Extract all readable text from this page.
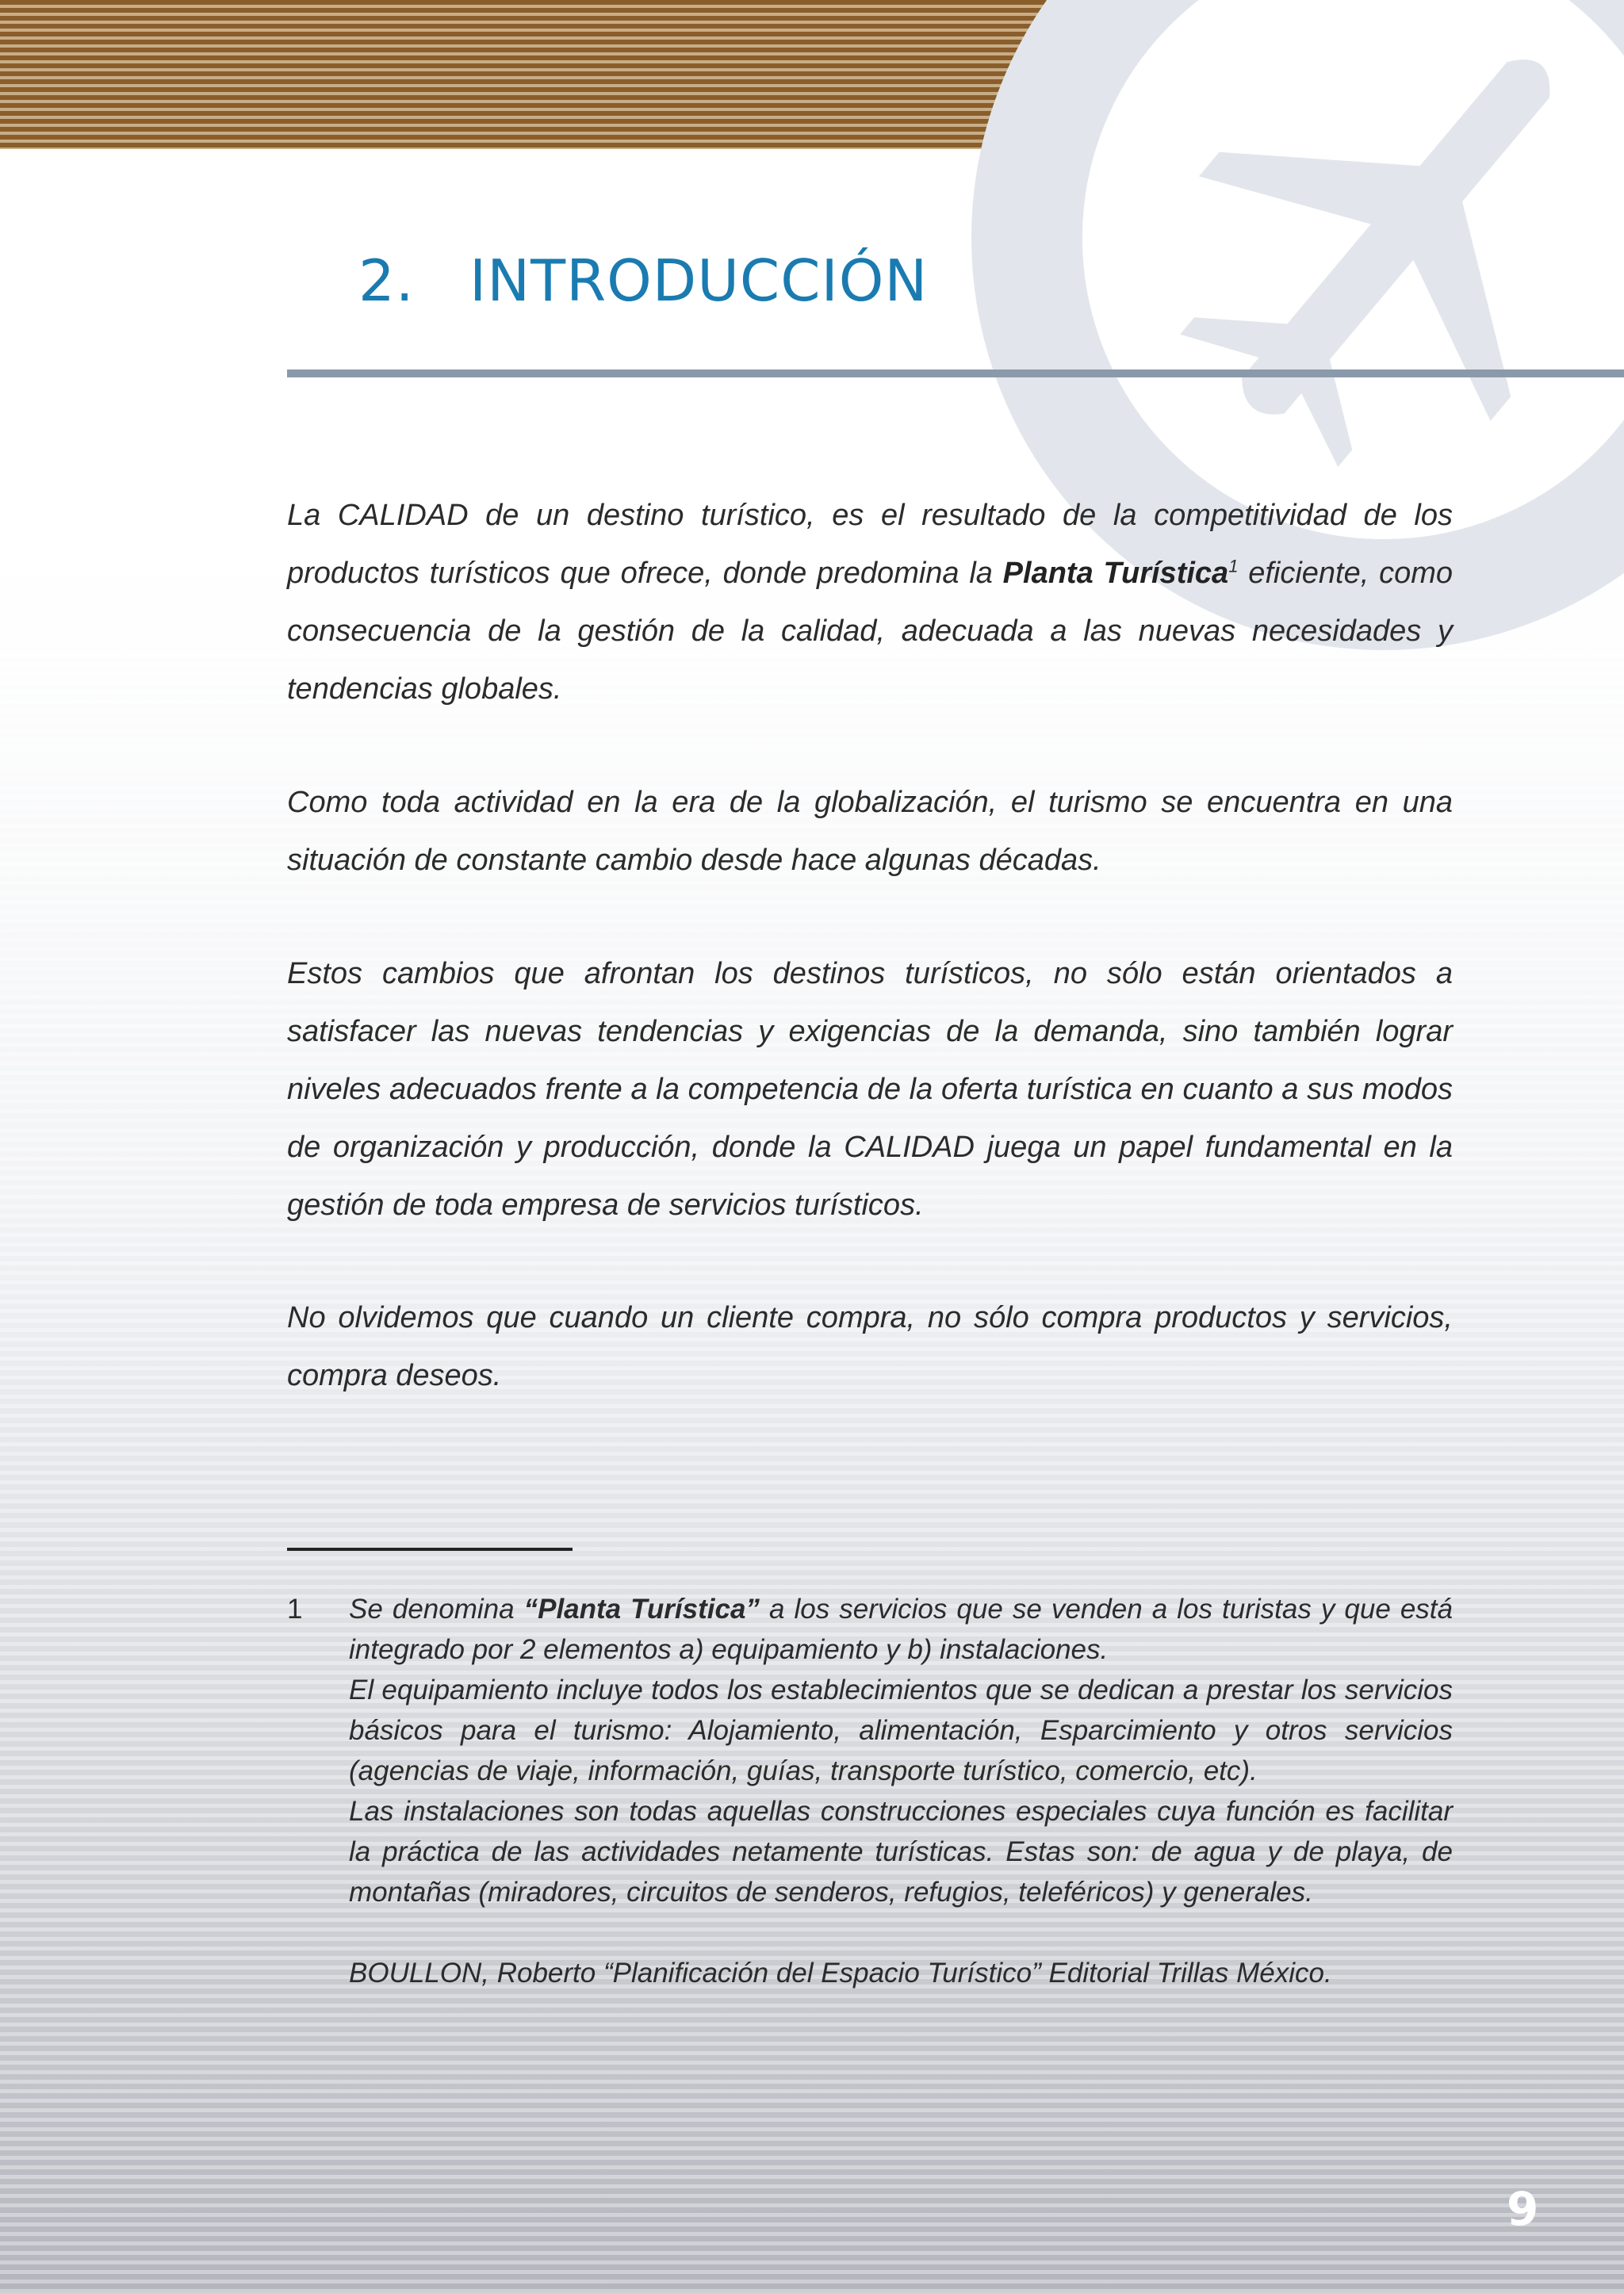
2. INTRODUCCIÓN

La CALIDAD de un destino turístico, es el resultado de la competitividad de los productos turísticos que ofrece, donde predomina la Planta Turística$^1$ eficiente, como consecuencia de la gestión de la calidad, adecuada a las nuevas necesidades y tendencias globales.

Como toda actividad en la era de la globalización, el turismo se encuentra en una situación de constante cambio desde hace algunas décadas.

Estos cambios que afrontan los destinos turísticos, no sólo están orientados a satisfacer las nuevas tendencias y exigencias de la demanda, sino también lograr niveles adecuados frente a la competencia de la oferta turística en cuanto a sus modos de organización y producción, donde la CALIDAD juega un papel fundamental en la gestión de toda empresa de servicios turísticos.

No olvidemos que cuando un cliente compra, no sólo compra productos y servicios, compra deseos.

1 Se denomina “Planta Turística” a los servicios que se venden a los turistas y que está integrado por 2 elementos a) equipamiento y b) instalaciones.

El equipamiento incluye todos los establecimientos que se dedican a prestar los servicios básicos para el turismo: Alojamiento, alimentación, Esparcimiento y otros servicios (agencias de viaje, información, guías, transporte turístico, comercio, etc).

Las instalaciones son todas aquellas construcciones especiales cuya función es facilitar la práctica de las actividades netamente turísticas. Estas son: de agua y de playa, de montañas (miradores, circuitos de senderos, refugios, teleféricos) y generales.

BOULLON, Roberto “Planificación del Espacio Turístico” Editorial Trillas México.

9
